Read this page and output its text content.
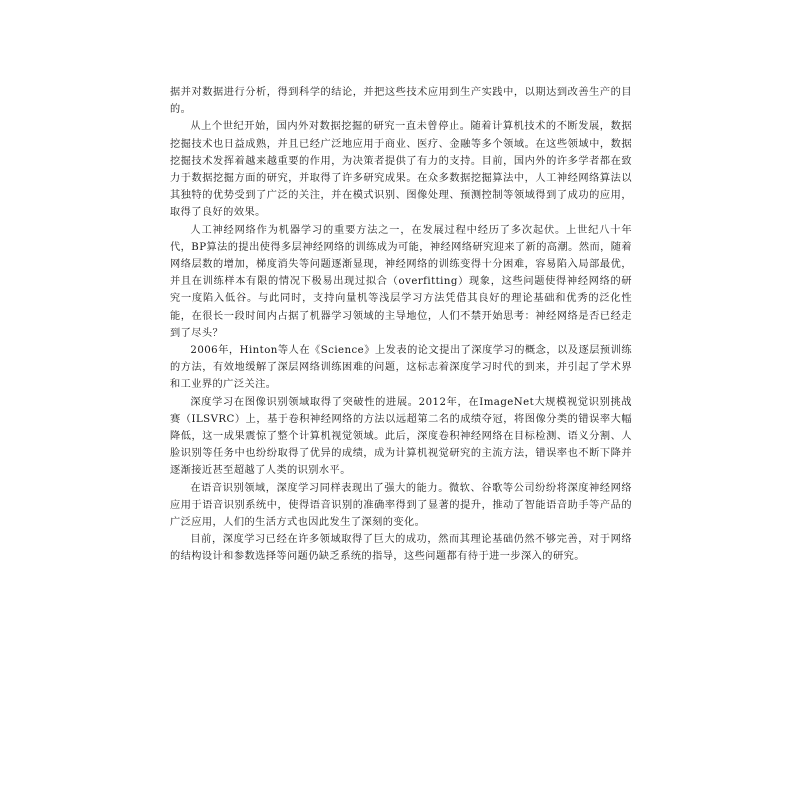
据并对数据进行分析，得到科学的结论，并把这些技术应用到生产实践中，以期达到改善生产的目的。

从上个世纪开始，国内外对数据挖掘的研究一直未曾停止。随着计算机技术的不断发展，数据挖掘技术也日益成熟，并且已经广泛地应用于商业、医疗、金融等多个领域。在这些领域中，数据挖掘技术发挥着越来越重要的作用，为决策者提供了有力的支持。目前，国内外的许多学者都在致力于数据挖掘方面的研究，并取得了许多研究成果。在众多数据挖掘算法中，人工神经网络算法以其独特的优势受到了广泛的关注，并在模式识别、图像处理、预测控制等领域得到了成功的应用，取得了良好的效果。

人工神经网络作为机器学习的重要方法之一，在发展过程中经历了多次起伏。上世纪八十年代，BP算法的提出使得多层神经网络的训练成为可能，神经网络研究迎来了新的高潮。然而，随着网络层数的增加，梯度消失等问题逐渐显现，神经网络的训练变得十分困难，容易陷入局部最优，并且在训练样本有限的情况下极易出现过拟合（overfitting）现象，这些问题使得神经网络的研究一度陷入低谷。与此同时，支持向量机等浅层学习方法凭借其良好的理论基础和优秀的泛化性能，在很长一段时间内占据了机器学习领域的主导地位，人们不禁开始思考：神经网络是否已经走到了尽头？

2006年，Hinton等人在《Science》上发表的论文提出了深度学习的概念，以及逐层预训练的方法，有效地缓解了深层网络训练困难的问题，这标志着深度学习时代的到来，并引起了学术界和工业界的广泛关注。

深度学习在图像识别领域取得了突破性的进展。2012年，在ImageNet大规模视觉识别挑战赛（ILSVRC）上，基于卷积神经网络的方法以远超第二名的成绩夺冠，将图像分类的错误率大幅降低，这一成果震惊了整个计算机视觉领域。此后，深度卷积神经网络在目标检测、语义分割、人脸识别等任务中也纷纷取得了优异的成绩，成为计算机视觉研究的主流方法，错误率也不断下降并逐渐接近甚至超越了人类的识别水平。

在语音识别领域，深度学习同样表现出了强大的能力。微软、谷歌等公司纷纷将深度神经网络应用于语音识别系统中，使得语音识别的准确率得到了显著的提升，推动了智能语音助手等产品的广泛应用，人们的生活方式也因此发生了深刻的变化。

目前，深度学习已经在许多领域取得了巨大的成功，然而其理论基础仍然不够完善，对于网络的结构设计和参数选择等问题仍缺乏系统的指导，这些问题都有待于进一步深入的研究。
